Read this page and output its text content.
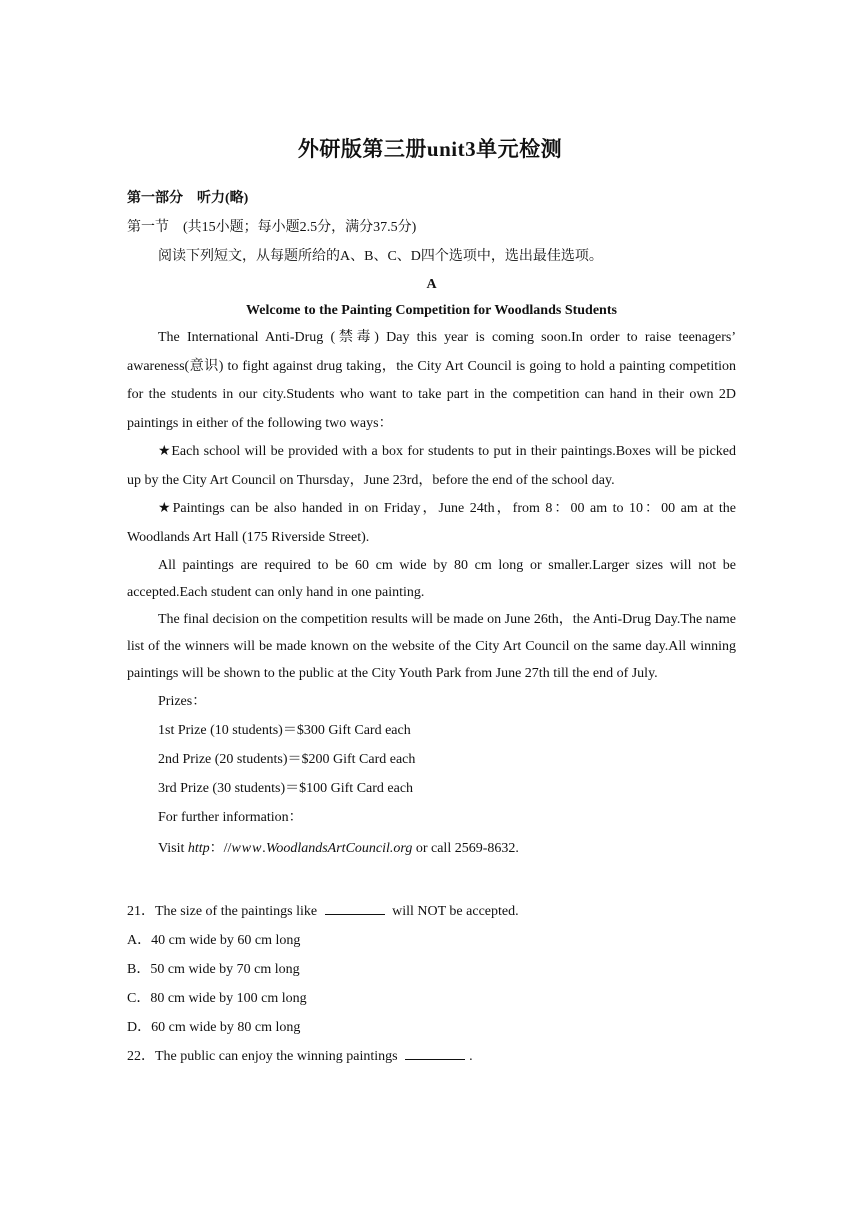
外研版第三册unit3单元检测
第一部分　听力(略)
第一节　(共15小题；每小题2.5分，满分37.5分)
阅读下列短文，从每题所给的A、B、C、D四个选项中，选出最佳选项。
A
Welcome to the Painting Competition for Woodlands Students

The International Anti-Drug (禁毒) Day this year is coming soon.In order to raise teenagers’ awareness(意识) to fight against drug taking，the City Art Council is going to hold a painting competition for the students in our city.Students who want to take part in the competition can hand in their own 2D paintings in either of the following two ways：

★Each school will be provided with a box for students to put in their paintings.Boxes will be picked up by the City Art Council on Thursday，June 23rd，before the end of the school day.

★Paintings can be also handed in on Friday，June 24th，from 8：00 am to 10：00 am at the Woodlands Art Hall (175 Riverside Street).

All paintings are required to be 60 cm wide by 80 cm long or smaller.Larger sizes will not be accepted.Each student can only hand in one painting.

The final decision on the competition results will be made on June 26th，the Anti-Drug Day.The name list of the winners will be made known on the website of the City Art Council on the same day.All winning paintings will be shown to the public at the City Youth Park from June 27th till the end of July.

Prizes：
1st Prize (10 students)＝$300 Gift Card each
2nd Prize (20 students)＝$200 Gift Card each
3rd Prize (30 students)＝$100 Gift Card each
For further information：
Visit http：//www.WoodlandsArtCouncil.org or call 2569-8632.
21．The size of the paintings like	will NOT be accepted.
A．40 cm wide by 60 cm long
B．50 cm wide by 70 cm long
C．80 cm wide by 100 cm long
D．60 cm wide by 80 cm long
22．The public can enjoy the winning paintings	.
